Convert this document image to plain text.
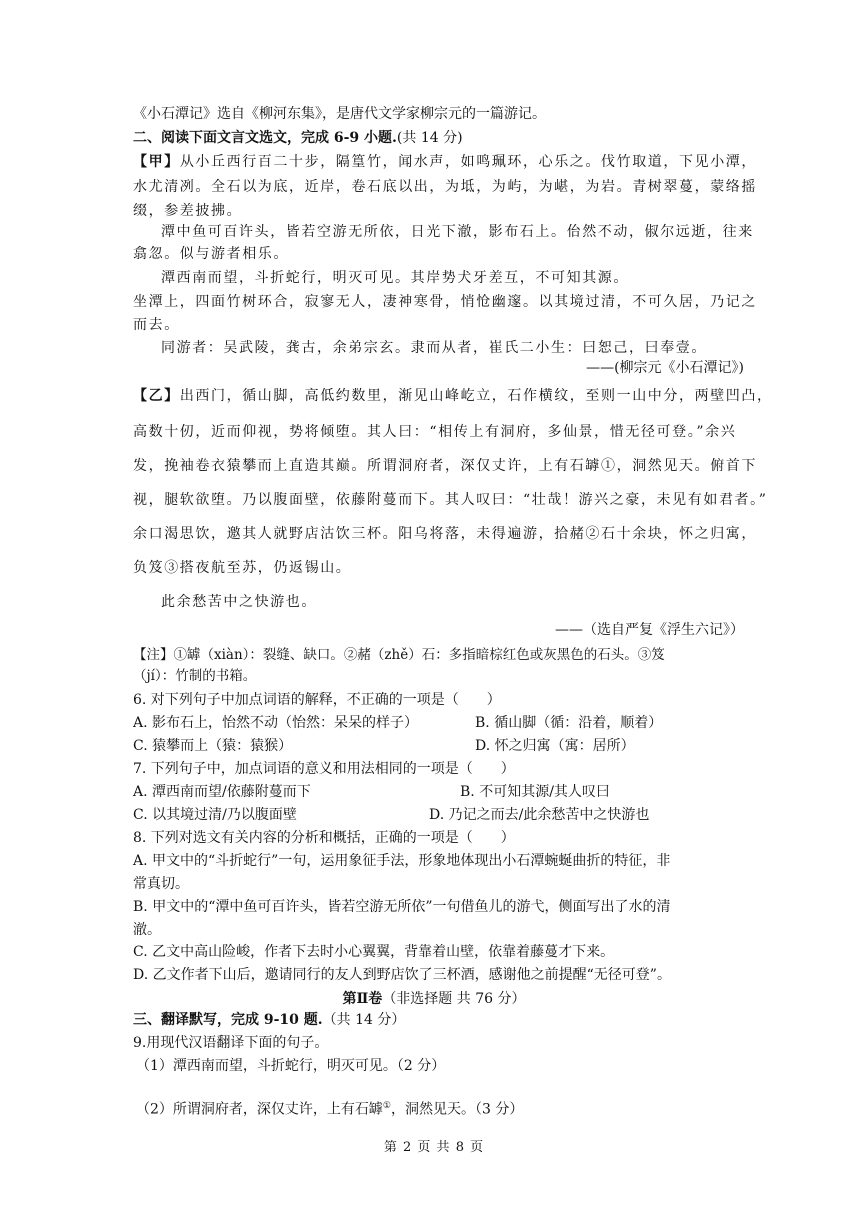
《小石潭记》选自《柳河东集》，是唐代文学家柳宗元的一篇游记。
二、阅读下面文言文选文，完成 6-9 小题.(共 14 分)
【甲】从小丘西行百二十步，隔篁竹，闻水声，如鸣珮环，心乐之。伐竹取道，下见小潭，
水尤清冽。全石以为底，近岸，卷石底以出，为坻，为屿，为嵁，为岩。青树翠蔓，蒙络摇
缀，参差披拂。
潭中鱼可百许头，皆若空游无所依，日光下澈，影布石上。佁然不动，俶尔远逝，往来
翕忽。似与游者相乐。
潭西南而望，斗折蛇行，明灭可见。其岸势犬牙差互，不可知其源。
坐潭上，四面竹树环合，寂寥无人，凄神寒骨，悄怆幽邃。以其境过清，不可久居，乃记之
而去。
同游者：吴武陵，龚古，余弟宗玄。隶而从者，崔氏二小生：曰恕己，曰奉壹。
——(柳宗元《小石潭记》)
【乙】出西门，循山脚，高低约数里，渐见山峰屹立，石作横纹，至则一山中分，两壁凹凸，
高数十仞，近而仰视，势将倾堕。其人曰：“相传上有洞府，多仙景，惜无径可登。”余兴
发，挽袖卷衣猿攀而上直造其巅。所谓洞府者，深仅丈许，上有石罅①，洞然见天。俯首下
视，腿软欲堕。乃以腹面壁，依藤附蔓而下。其人叹曰：“壮哉！游兴之豪，未见有如君者。”
余口渴思饮，邀其人就野店沽饮三杯。阳乌将落，未得遍游，拾赭②石十余块，怀之归寓，
负笈③搭夜航至苏，仍返锡山。
此余愁苦中之快游也。
——（选自严复《浮生六记》）
【注】①罅（xiàn）：裂缝、缺口。②赭（zhě）石：多指暗棕红色或灰黑色的石头。③笈
（jí）：竹制的书箱。
6. 对下列句子中加点词语的解释，不正确的一项是（　　）
A. 影布石上，怡然不动（怡然：呆呆的样子）	B. 循山脚（循：沿着，顺着）
C. 猿攀而上（猿：猿猴）	D. 怀之归寓（寓：居所）
7. 下列句子中，加点词语的意义和用法相同的一项是（　　）
A. 潭西南而望/依藤附蔓而下	B. 不可知其源/其人叹曰
C. 以其境过清/乃以腹面壁	D. 乃记之而去/此余愁苦中之快游也
8. 下列对选文有关内容的分析和概括，正确的一项是（　　）
A. 甲文中的“斗折蛇行”一句，运用象征手法，形象地体现出小石潭蜿蜒曲折的特征，非
常真切。
B. 甲文中的“潭中鱼可百许头，皆若空游无所依”一句借鱼儿的游弋，侧面写出了水的清
澈。
C. 乙文中高山险峻，作者下去时小心翼翼，背靠着山壁，依靠着藤蔓才下来。
D. 乙文作者下山后，邀请同行的友人到野店饮了三杯酒，感谢他之前提醒“无径可登”。
第Ⅱ卷（非选择题 共 76 分）
三、翻译默写，完成 9-10 题.（共 14 分）
9.用现代汉语翻译下面的句子。
（1）潭西南而望，斗折蛇行，明灭可见。（2 分）
（2）所谓洞府者，深仅丈许，上有石罅①，洞然见天。（3 分）
第 2 页 共 8 页
